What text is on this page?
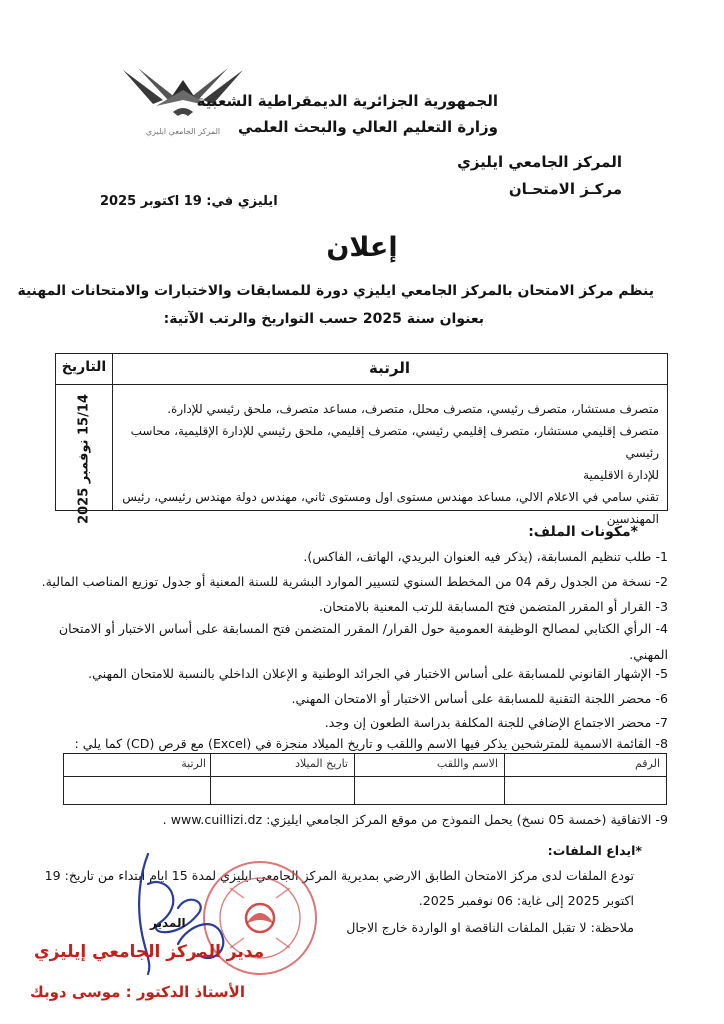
المركز الجامعي ايليزي
الجمهورية الجزائرية الديمقراطية الشعبية
وزارة التعليم العالي والبحث العلمي
المركز الجامعي ايليزي
مركـز الامتحـان
ايليزي في: 19 اكتوبر 2025
إعلان
ينظم مركز الامتحان بالمركز الجامعي ايليزي دورة للمسابقات والاختبارات والامتحانات المهنية
بعنوان سنة 2025 حسب التواريخ والرتب الآتية:
الرتبة
التاريخ
15/14 نوفمبر 2025	متصرف مستشار، متصرف رئيسي، متصرف محلل، متصرف، مساعد متصرف، ملحق رئيسي للإدارة.
متصرف إقليمي مستشار، متصرف إقليمي رئيسي، متصرف إقليمي، ملحق رئيسي للإدارة الإقليمية، محاسب رئيسي
للإدارة الاقليمية
تقني سامي في الاعلام الالي، مساعد مهندس مستوى اول ومستوى ثاني، مهندس دولة مهندس رئيسي، رئيس المهندسين
*مكونات الملف:
1- طلب تنظيم المسابقة، (يذكر فيه العنوان البريدي، الهاتف، الفاكس).
2- نسخة من الجدول رقم 04 من المخطط السنوي لتسيير الموارد البشرية للسنة المعنية أو جدول توزيع المناصب المالية.
3- القرار أو المقرر المتضمن فتح المسابقة للرتب المعنية بالامتحان.
4- الرأي الكتابي لمصالح الوظيفة العمومية حول القرار/ المقرر المتضمن فتح المسابقة على أساس الاختبار أو الامتحان المهني.
5- الإشهار القانوني للمسابقة على أساس الاختبار في الجرائد الوطنية و الإعلان الداخلي بالنسبة للامتحان المهني.
6- محضر اللجنة التقنية للمسابقة على أساس الاختبار أو الامتحان المهني.
7- محضر الاجتماع الإضافي للجنة المكلفة بدراسة الطعون إن وجد.
8- القائمة الاسمية للمترشحين يذكر فيها الاسم واللقب و تاريخ الميلاد منجزة في (Excel) مع قرص (CD) كما يلي :
الرقم
الاسم واللقب
تاريخ الميلاد
الرتبة
9- الاتفاقية (خمسة 05 نسخ) يحمل النموذج من موقع المركز الجامعي ايليزي: www.cuillizi.dz .
*ايداع الملفات:
تودع الملفات لدى مركز الامتحان الطابق الارضي بمديرية المركز الجامعي ايليزي لمدة 15 ايام ابتداء من تاريخ: 19
اكتوبر 2025 إلى غاية: 06 نوفمبر 2025.
ملاحظة: لا تقبل الملفات الناقصة او الواردة خارج الاجال
المدير
مدير المركز الجامعي إيليزي
الأستاذ الدكتور : موسى دوبك
